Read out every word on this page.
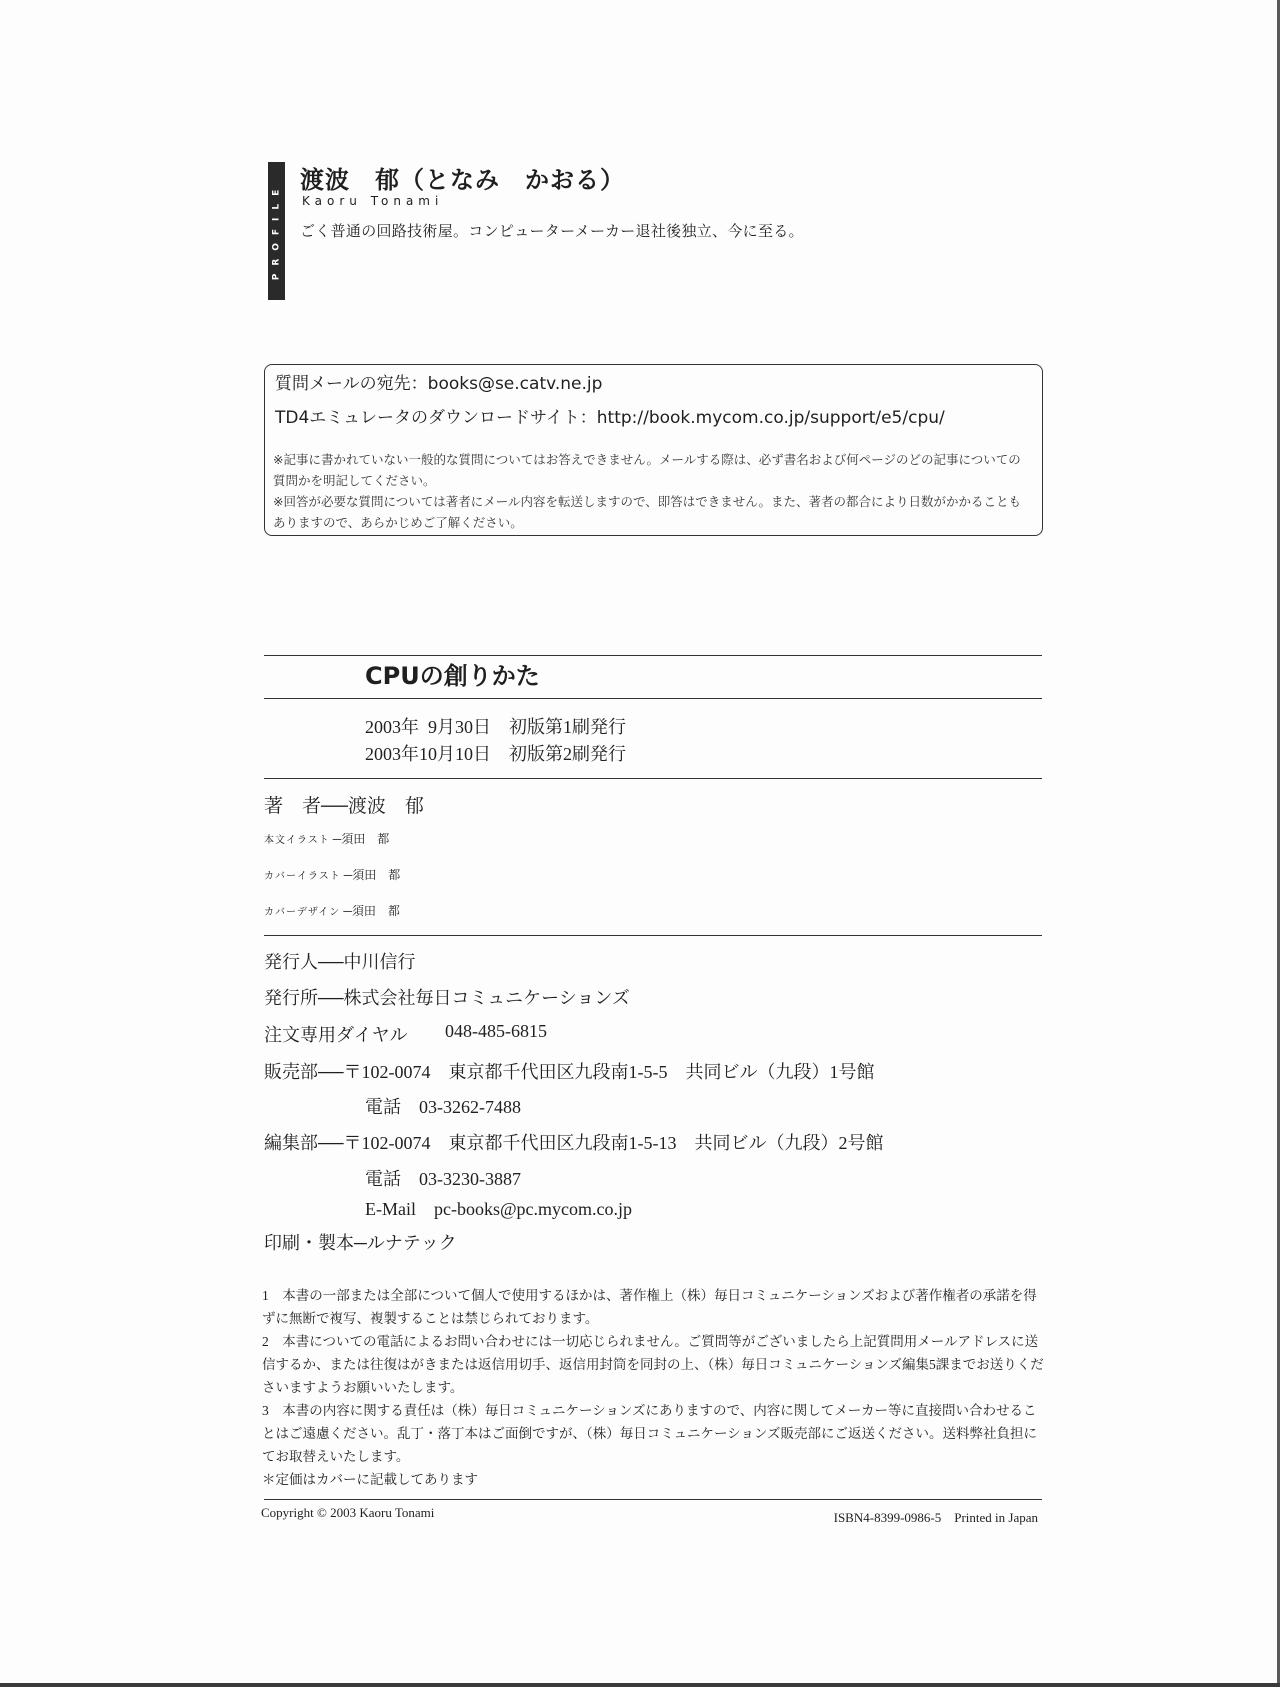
PROFILE
渡波　郁（となみ　かおる）
Kaoru Tonami
ごく普通の回路技術屋。コンピューターメーカー退社後独立、今に至る。
質問メールの宛先：books@se.catv.ne.jp
TD4エミュレータのダウンロードサイト：http://book.mycom.co.jp/support/e5/cpu/
※記事に書かれていない一般的な質問についてはお答えできません。メールする際は、必ず書名および何ページのどの記事についての質問かを明記してください。
※回答が必要な質問については著者にメール内容を転送しますので、即答はできません。また、著者の都合により日数がかかることもありますので、あらかじめご了解ください。
CPUの創りかた
2003年  9月30日　初版第1刷発行
2003年10月10日　初版第2刷発行
著　者──渡波　郁
本文イラスト ─須田　都
カバーイラスト ─須田　都
カバーデザイン ─須田　都
発行人──中川信行
発行所──株式会社毎日コミュニケーションズ
注文専用ダイヤル 048-485-6815
販売部──〒102-0074　東京都千代田区九段南1-5-5　共同ビル（九段）1号館
電話　03-3262-7488
編集部──〒102-0074　東京都千代田区九段南1-5-13　共同ビル（九段）2号館
電話　03-3230-3887
E-Mail　pc-books@pc.mycom.co.jp
印刷・製本─ルナテック

1　本書の一部または全部について個人で使用するほかは、著作権上（株）毎日コミュニケーションズおよび著作権者の承諾を得ずに無断で複写、複製することは禁じられております。

2　本書についての電話によるお問い合わせには一切応じられません。ご質問等がございましたら上記質問用メールアドレスに送信するか、または往復はがきまたは返信用切手、返信用封筒を同封の上、（株）毎日コミュニケーションズ編集5課までお送りくださいますようお願いいたします。

3　本書の内容に関する責任は（株）毎日コミュニケーションズにありますので、内容に関してメーカー等に直接問い合わせることはご遠慮ください。乱丁・落丁本はご面倒ですが、（株）毎日コミュニケーションズ販売部にご返送ください。送料弊社負担にてお取替えいたします。

＊定価はカバーに記載してあります

Copyright © 2003 Kaoru Tonami	ISBN4-8399-0986-5　Printed in Japan
